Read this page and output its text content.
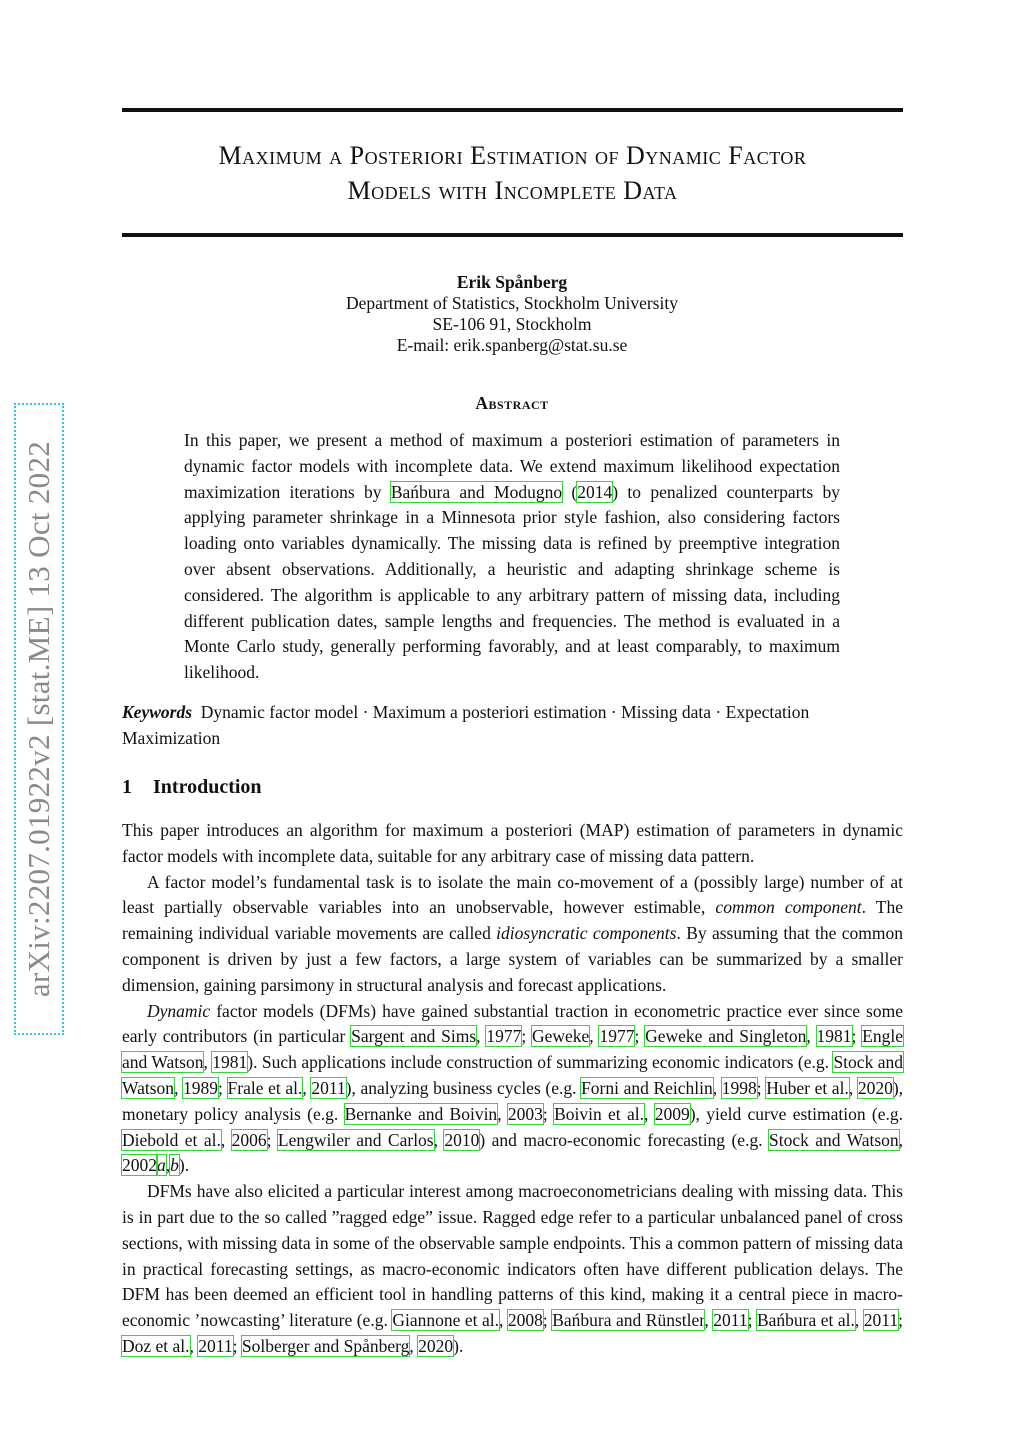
arXiv:2207.01922v2 [stat.ME] 13 Oct 2022
Maximum a Posteriori Estimation of Dynamic Factor
Models with Incomplete Data
Erik Spånberg
Department of Statistics, Stockholm University
SE-106 91, Stockholm
E-mail: erik.spanberg@stat.su.se
Abstract

In this paper, we present a method of maximum a posteriori estimation of parameters in dynamic factor models with incomplete data. We extend maximum likelihood expectation maximization iterations by Bańbura and Modugno (2014) to penalized counterparts by applying parameter shrinkage in a Minnesota prior style fashion, also considering factors loading onto variables dynamically. The missing data is refined by preemptive integration over absent observations. Additionally, a heuristic and adapting shrinkage scheme is considered. The algorithm is applicable to any arbitrary pattern of missing data, including different publication dates, sample lengths and frequencies. The method is evaluated in a Monte Carlo study, generally performing favorably, and at least comparably, to maximum likelihood.

Keywords Dynamic factor model · Maximum a posteriori estimation · Missing data · Expectation Maximization

1 Introduction

This paper introduces an algorithm for maximum a posteriori (MAP) estimation of parameters in dynamic factor models with incomplete data, suitable for any arbitrary case of missing data pattern.

A factor model’s fundamental task is to isolate the main co-movement of a (possibly large) number of at least partially observable variables into an unobservable, however estimable, common component. The remaining individual variable movements are called idiosyncratic components. By assuming that the common component is driven by just a few factors, a large system of variables can be summarized by a smaller dimension, gaining parsimony in structural analysis and forecast applications.

Dynamic factor models (DFMs) have gained substantial traction in econometric practice ever since some early contributors (in particular Sargent and Sims, 1977; Geweke, 1977; Geweke and Singleton, 1981; Engle and Watson, 1981). Such applications include construction of summarizing economic indicators (e.g. Stock and Watson, 1989; Frale et al., 2011), analyzing business cycles (e.g. Forni and Reichlin, 1998; Huber et al., 2020), monetary policy analysis (e.g. Bernanke and Boivin, 2003; Boivin et al., 2009), yield curve estimation (e.g. Diebold et al., 2006; Lengwiler and Carlos, 2010) and macro-economic forecasting (e.g. Stock and Watson, 2002a,b).

DFMs have also elicited a particular interest among macroeconometricians dealing with missing data. This is in part due to the so called ”ragged edge” issue. Ragged edge refer to a particular unbalanced panel of cross sections, with missing data in some of the observable sample endpoints. This a common pattern of missing data in practical forecasting settings, as macro-economic indicators often have different publication delays. The DFM has been deemed an efficient tool in handling patterns of this kind, making it a central piece in macro-economic ’nowcasting’ literature (e.g. Giannone et al., 2008; Bańbura and Rünstler, 2011; Bańbura et al., 2011; Doz et al., 2011; Solberger and Spånberg, 2020).
